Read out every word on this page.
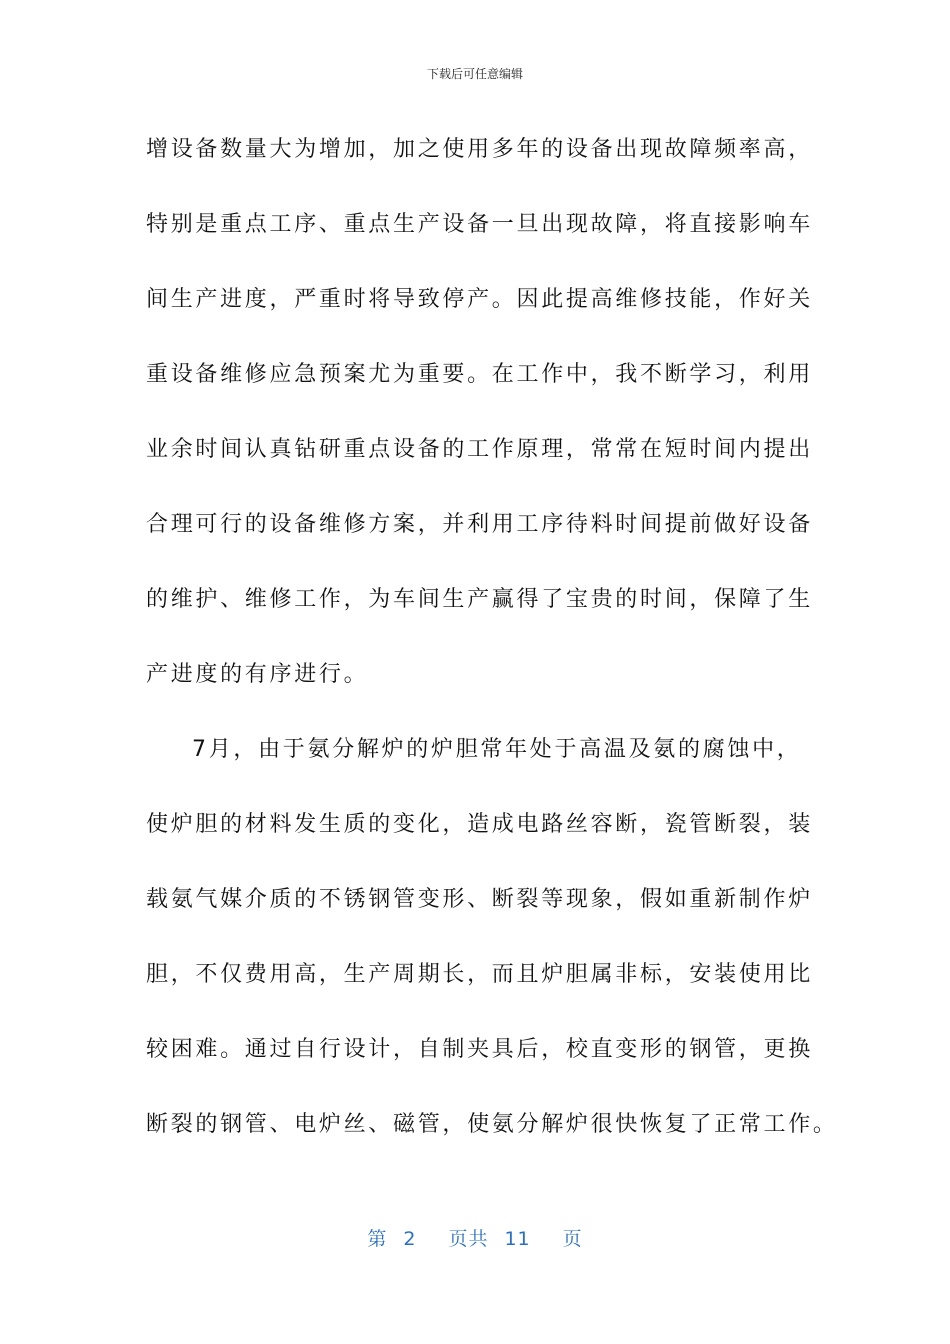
下载后可任意编辑
增设备数量大为增加，加之使用多年的设备出现故障频率高，
特别是重点工序、重点生产设备一旦出现故障，将直接影响车
间生产进度，严重时将导致停产。因此提高维修技能，作好关
重设备维修应急预案尤为重要。在工作中，我不断学习，利用
业余时间认真钻研重点设备的工作原理，常常在短时间内提出
合理可行的设备维修方案，并利用工序待料时间提前做好设备
的维护、维修工作，为车间生产赢得了宝贵的时间，保障了生
产进度的有序进行。
7月，由于氨分解炉的炉胆常年处于高温及氨的腐蚀中，
使炉胆的材料发生质的变化，造成电路丝容断，瓷管断裂，装
载氨气媒介质的不锈钢管变形、断裂等现象，假如重新制作炉
胆，不仅费用高，生产周期长，而且炉胆属非标，安装使用比
较困难。通过自行设计，自制夹具后，校直变形的钢管，更换
断裂的钢管、电炉丝、磁管，使氨分解炉很快恢复了正常工作。
第 2 页共 11 页
